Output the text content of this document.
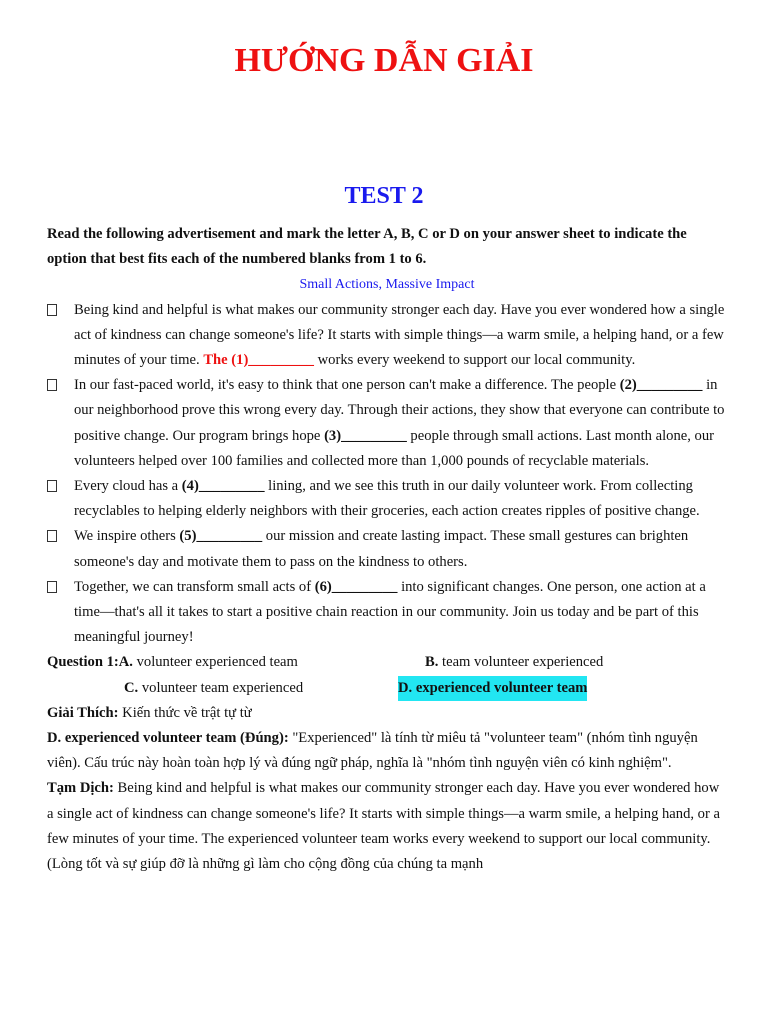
HƯỚNG DẪN GIẢI
TEST 2
Read the following advertisement and mark the letter A, B, C or D on your answer sheet to indicate the option that best fits each of the numbered blanks from 1 to 6.
Small Actions, Massive Impact
Being kind and helpful is what makes our community stronger each day. Have you ever wondered how a single act of kindness can change someone's life? It starts with simple things—a warm smile, a helping hand, or a few minutes of your time. The (1)_________ works every weekend to support our local community.
In our fast-paced world, it's easy to think that one person can't make a difference. The people (2)_________ in our neighborhood prove this wrong every day. Through their actions, they show that everyone can contribute to positive change. Our program brings hope (3)_________ people through small actions. Last month alone, our volunteers helped over 100 families and collected more than 1,000 pounds of recyclable materials.
Every cloud has a (4)_________ lining, and we see this truth in our daily volunteer work. From collecting recyclables to helping elderly neighbors with their groceries, each action creates ripples of positive change.
We inspire others (5)_________ our mission and create lasting impact. These small gestures can brighten someone's day and motivate them to pass on the kindness to others.
Together, we can transform small acts of (6)_________ into significant changes. One person, one action at a time—that's all it takes to start a positive chain reaction in our community. Join us today and be part of this meaningful journey!
Question 1:A. volunteer experienced team	B. team volunteer experienced
C. volunteer team experienced	D. experienced volunteer team
Giải Thích: Kiến thức về trật tự từ
D. experienced volunteer team (Đúng): "Experienced" là tính từ miêu tả "volunteer team" (nhóm tình nguyện viên). Cấu trúc này hoàn toàn hợp lý và đúng ngữ pháp, nghĩa là "nhóm tình nguyện viên có kinh nghiệm".
Tạm Dịch: Being kind and helpful is what makes our community stronger each day. Have you ever wondered how a single act of kindness can change someone's life? It starts with simple things—a warm smile, a helping hand, or a few minutes of your time. The experienced volunteer team works every weekend to support our local community. (Lòng tốt và sự giúp đỡ là những gì làm cho cộng đồng của chúng ta mạnh
